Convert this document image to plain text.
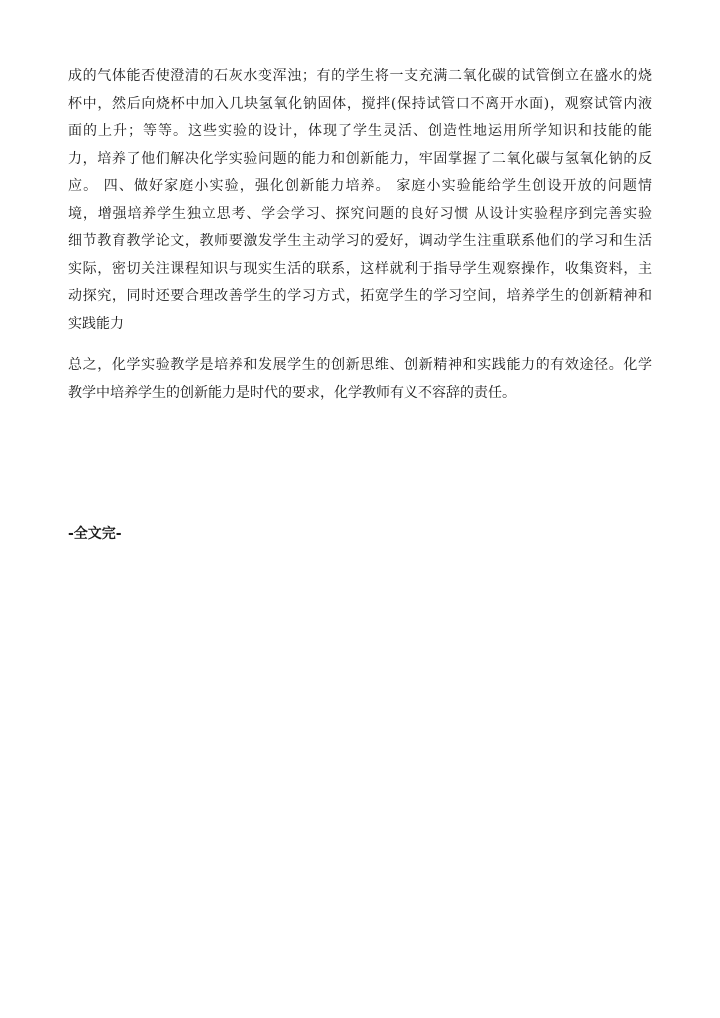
成的气体能否使澄清的石灰水变浑浊；有的学生将一支充满二氧化碳的试管倒立在盛水的烧
杯中，然后向烧杯中加入几块氢氧化钠固体，搅拌(保持试管口不离开水面)，观察试管内液
面的上升；等等。这些实验的设计，体现了学生灵活、创造性地运用所学知识和技能的能
力，培养了他们解决化学实验问题的能力和创新能力，牢固掌握了二氧化碳与氢氧化钠的反
应。 四、做好家庭小实验，强化创新能力培养。 家庭小实验能给学生创设开放的问题情
境，增强培养学生独立思考、学会学习、探究问题的良好习惯 从设计实验程序到完善实验
细节教育教学论文，教师要激发学生主动学习的爱好，调动学生注重联系他们的学习和生活
实际，密切关注课程知识与现实生活的联系，这样就利于指导学生观察操作，收集资料，主
动探究，同时还要合理改善学生的学习方式，拓宽学生的学习空间，培养学生的创新精神和
实践能力
总之，化学实验教学是培养和发展学生的创新思维、创新精神和实践能力的有效途径。化学
教学中培养学生的创新能力是时代的要求，化学教师有义不容辞的责任。
-全文完-
